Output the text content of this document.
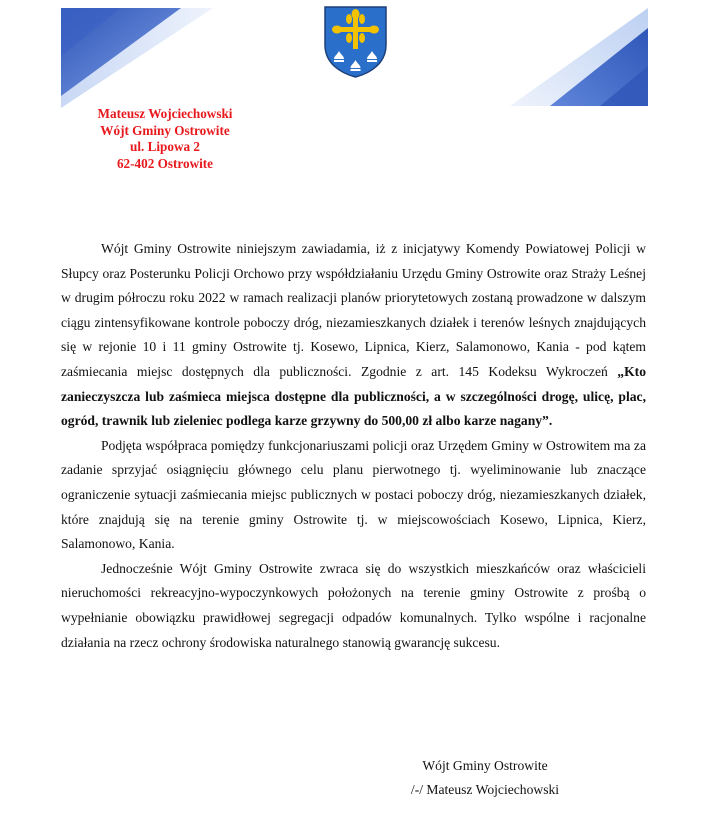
Mateusz Wojciechowski
Wójt Gminy Ostrowite
ul. Lipowa 2
62-402 Ostrowite

Wójt Gminy Ostrowite niniejszym zawiadamia, iż z inicjatywy Komendy Powiatowej Policji w Słupcy oraz Posterunku Policji Orchowo przy współdziałaniu Urzędu Gminy Ostrowite oraz Straży Leśnej w drugim półroczu roku 2022 w ramach realizacji planów priorytetowych zostaną prowadzone w dalszym ciągu zintensyfikowane kontrole poboczy dróg, niezamieszkanych działek i terenów leśnych znajdujących się w rejonie 10 i 11 gminy Ostrowite tj. Kosewo, Lipnica, Kierz, Salamonowo, Kania - pod kątem zaśmiecania miejsc dostępnych dla publiczności. Zgodnie z art. 145 Kodeksu Wykroczeń „Kto zanieczyszcza lub zaśmieca miejsca dostępne dla publiczności, a w szczególności drogę, ulicę, plac, ogród, trawnik lub zieleniec podlega karze grzywny do 500,00 zł albo karze nagany”.

Podjęta współpraca pomiędzy funkcjonariuszami policji oraz Urzędem Gminy w Ostrowitem ma za zadanie sprzyjać osiągnięciu głównego celu planu pierwotnego tj. wyeliminowanie lub znaczące ograniczenie sytuacji zaśmiecania miejsc publicznych w postaci poboczy dróg, niezamieszkanych działek, które znajdują się na terenie gminy Ostrowite tj. w miejscowościach Kosewo, Lipnica, Kierz, Salamonowo, Kania.

Jednocześnie Wójt Gminy Ostrowite zwraca się do wszystkich mieszkańców oraz właścicieli nieruchomości rekreacyjno-wypoczynkowych położonych na terenie gminy Ostrowite z prośbą o wypełnianie obowiązku prawidłowej segregacji odpadów komunalnych. Tylko wspólne i racjonalne działania na rzecz ochrony środowiska naturalnego stanowią gwarancję sukcesu.

Wójt Gminy Ostrowite
/-/ Mateusz Wojciechowski
